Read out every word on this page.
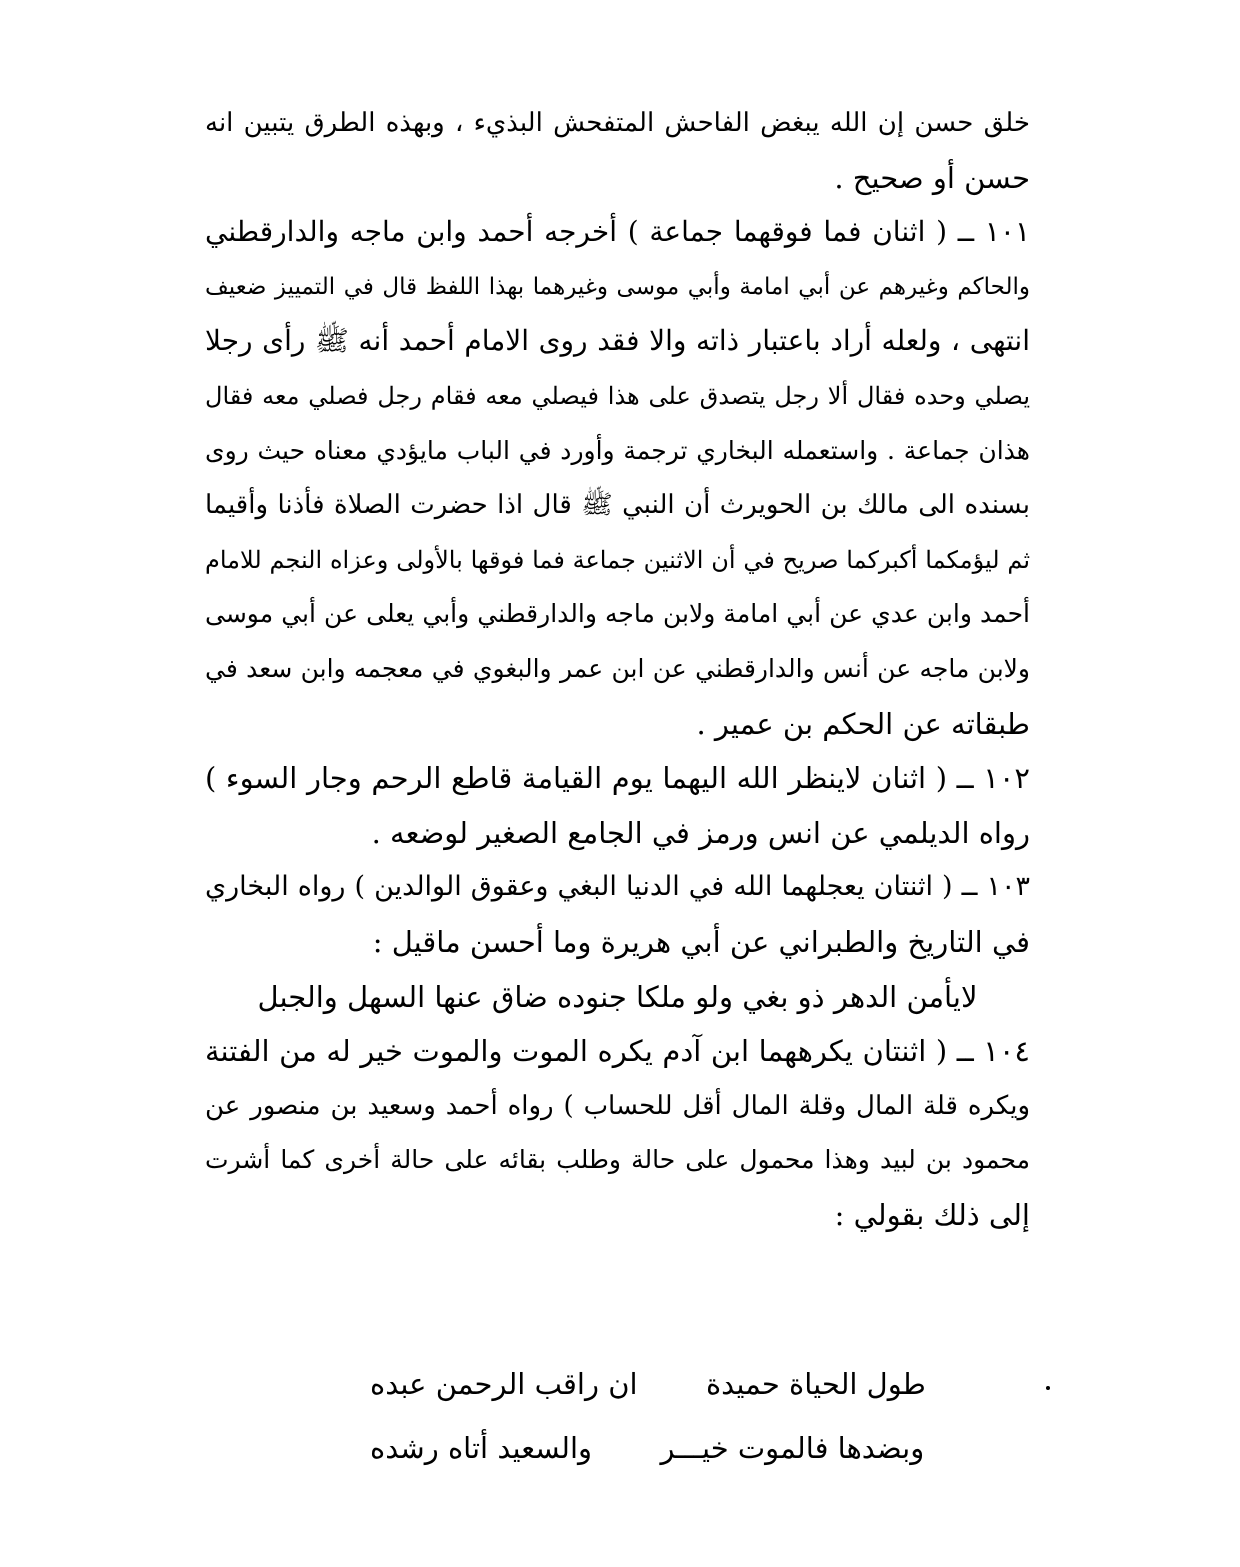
خلق حسن إن الله يبغض الفاحش المتفحش البذيء ، وبهذه الطرق يتبين انه
حسن أو صحيح .
١٠١ ــ ( اثنان فما فوقهما جماعة ) أخرجه أحمد وابن ماجه والدارقطني
والحاكم وغيرهم عن أبي امامة وأبي موسى وغيرهما بهذا اللفظ قال في التمييز ضعيف
انتهى ، ولعله أراد باعتبار ذاته والا فقد روى الامام أحمد أنه ﷺ رأى رجلا
يصلي وحده فقال ألا رجل يتصدق على هذا فيصلي معه فقام رجل فصلي معه فقال
هذان جماعة . واستعمله البخاري ترجمة وأورد في الباب مايؤدي معناه حيث روى
بسنده الى مالك بن الحويرث أن النبي ﷺ قال اذا حضرت الصلاة فأذنا وأقيما
ثم ليؤمكما أكبركما صريح في أن الاثنين جماعة فما فوقها بالأولى وعزاه النجم للامام
أحمد وابن عدي عن أبي امامة ولابن ماجه والدارقطني وأبي يعلى عن أبي موسى
ولابن ماجه عن أنس والدارقطني عن ابن عمر والبغوي في معجمه وابن سعد في
طبقاته عن الحكم بن عمير .
١٠٢ ــ ( اثنان لاينظر الله اليهما يوم القيامة قاطع الرحم وجار السوء )
رواه الديلمي عن انس ورمز في الجامع الصغير لوضعه .
١٠٣ ــ ( اثنتان يعجلهما الله في الدنيا البغي وعقوق الوالدين ) رواه البخاري
في التاريخ والطبراني عن أبي هريرة وما أحسن ماقيل :
لايأمن الدهر ذو بغي ولو ملكا جنوده ضاق عنها السهل والجبل
١٠٤ ــ ( اثنتان يكرههما ابن آدم يكره الموت والموت خير له من الفتنة
ويكره قلة المال وقلة المال أقل للحساب ) رواه أحمد وسعيد بن منصور عن
محمود بن لبيد وهذا محمول على حالة وطلب بقائه على حالة أخرى كما أشرت
إلى ذلك بقولي :
طول الحياة حميدة  ان راقب الرحمن عبده
وبضدها فالموت خيـــر  والسعيد أتاه رشده
